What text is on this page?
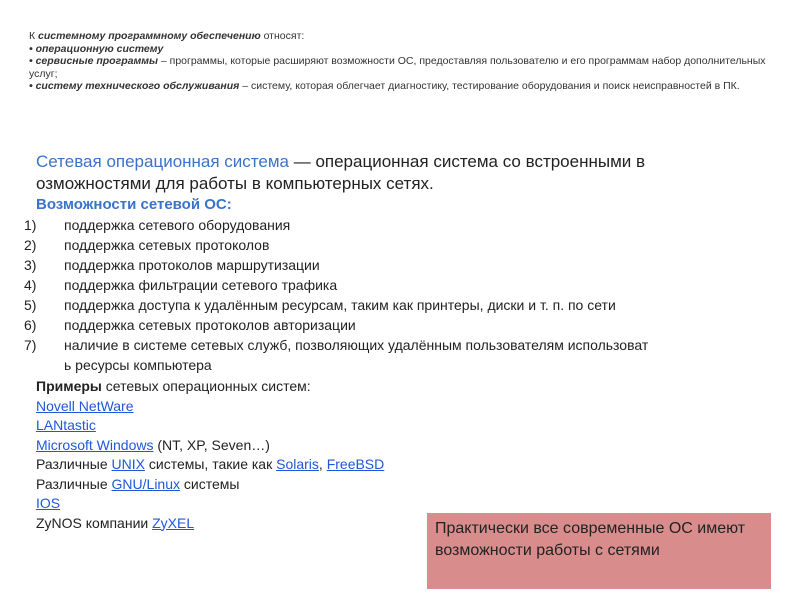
К системному программному обеспечению относят:

• операционную систему

• сервисные программы – программы, которые расширяют возможности ОС, предоставляя пользователю и его программам набор дополнительных услуг;

• систему технического обслуживания – систему, которая облегчает диагностику, тестирование оборудования и поиск неисправностей в ПК.

Сетевая операционная система — операционная система со встроенными в
озможностями для работы в компьютерных сетях.
Возможности сетевой ОС:
1)	поддержка сетевого оборудования
2)	поддержка сетевых протоколов
3)	поддержка протоколов маршрутизации
4)	поддержка фильтрации сетевого трафика
5)	поддержка доступа к удалённым ресурсам, таким как принтеры, диски и т. п. по сети
6)	поддержка сетевых протоколов авторизации
7)	наличие в системе сетевых служб, позволяющих удалённым пользователям использоват
ь ресурсы компьютера
Примеры сетевых операционных систем:
Novell NetWare
LANtastic
Microsoft Windows (NT, XP, Seven…)
Различные UNIX системы, такие как Solaris, FreeBSD
Различные GNU/Linux системы
IOS
ZyNOS компании ZyXEL	Практически все современные ОС имеют возможности работы с сетями
